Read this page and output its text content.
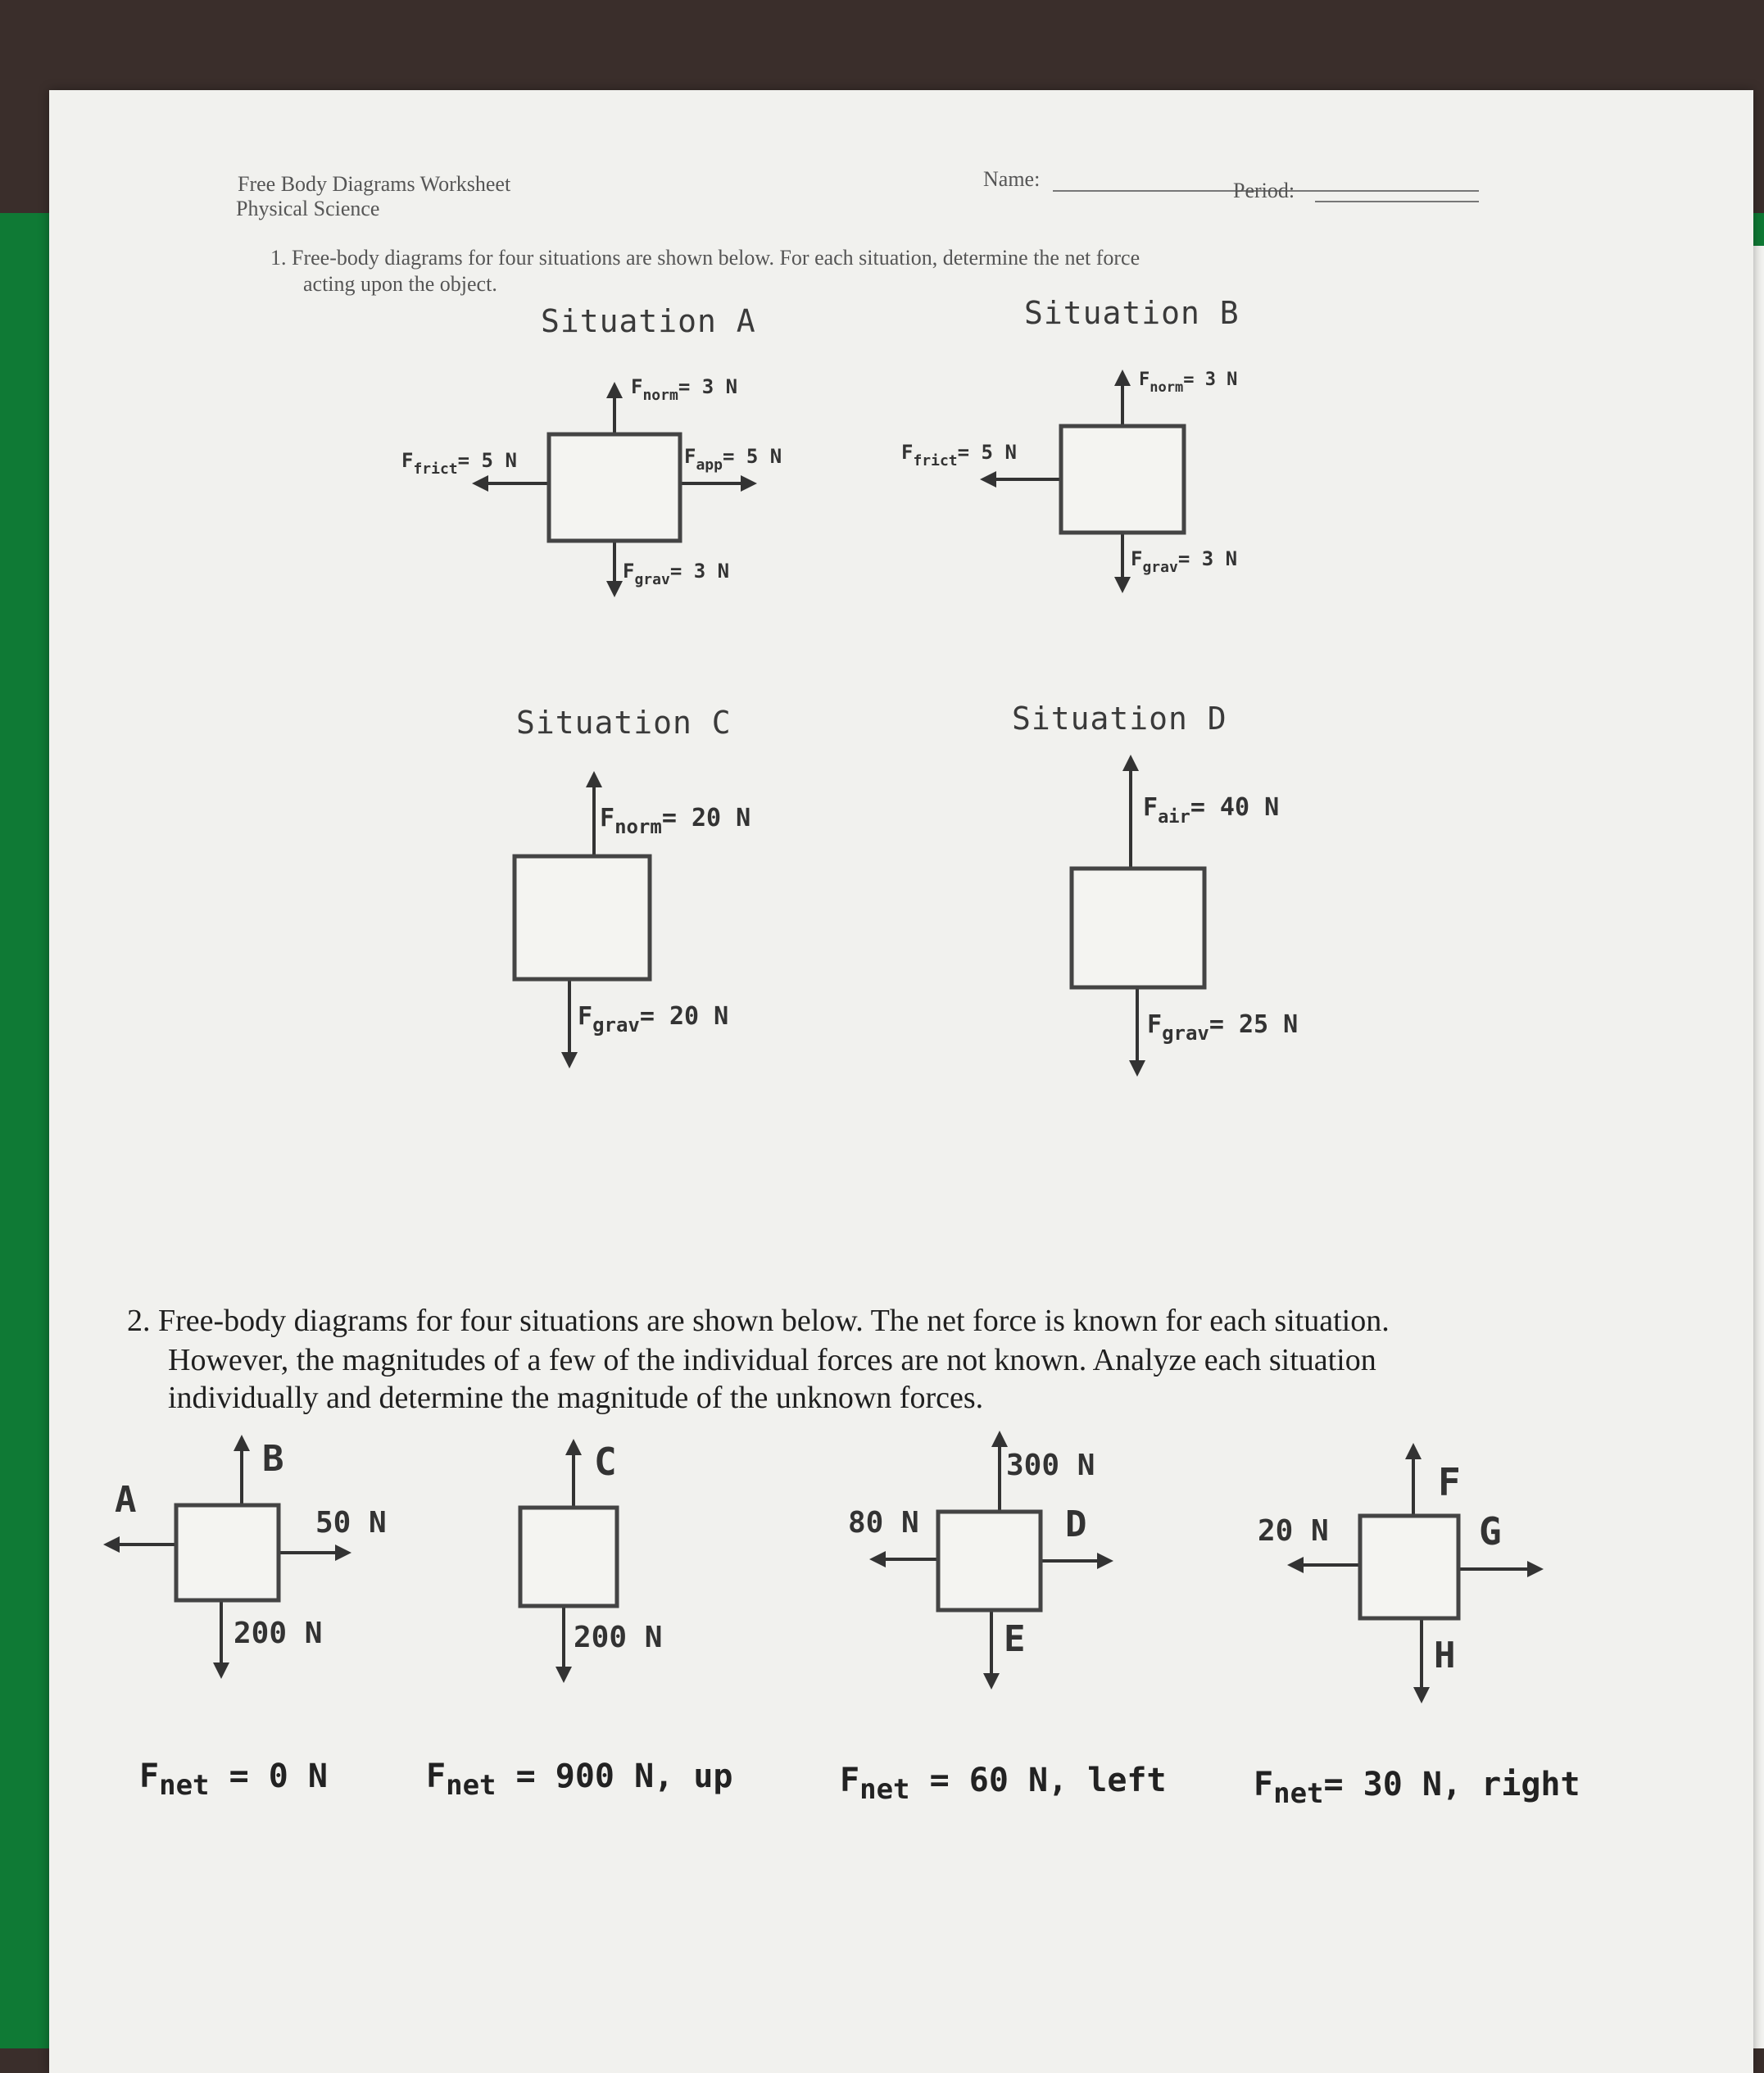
Free Body Diagrams Worksheet
Physical Science
Name:	Period:
1. Free-body diagrams for four situations are shown below. For each situation, determine the net force
acting upon the object.
Situation A	Situation B
Situation C	Situation D
2. Free-body diagrams for four situations are shown below. The net force is known for each situation.
However, the magnitudes of a few of the individual forces are not known. Analyze each situation
individually and determine the magnitude of the unknown forces.
$F_{net} = 0$ N	$F_{net} = 900$ N, up	$F_{net} = 60$ N, left	$F_{net}= 30$ N, right
$F_{norm}= 3$ N
$F_{frict}= 5$ N	$F_{app}= 5$ N
$F_{grav}= 3$ N
$F_{norm}= 3$ N
$F_{frict}= 5$ N
$F_{grav}= 3$ N
$F_{norm}= 20$ N
$F_{grav}= 20$ N
$F_{air}= 40$ N
$F_{grav}= 25$ N
B
A
50 N
200 N
C
200 N
300 N
80 N	D
E
F
20 N	G
H
